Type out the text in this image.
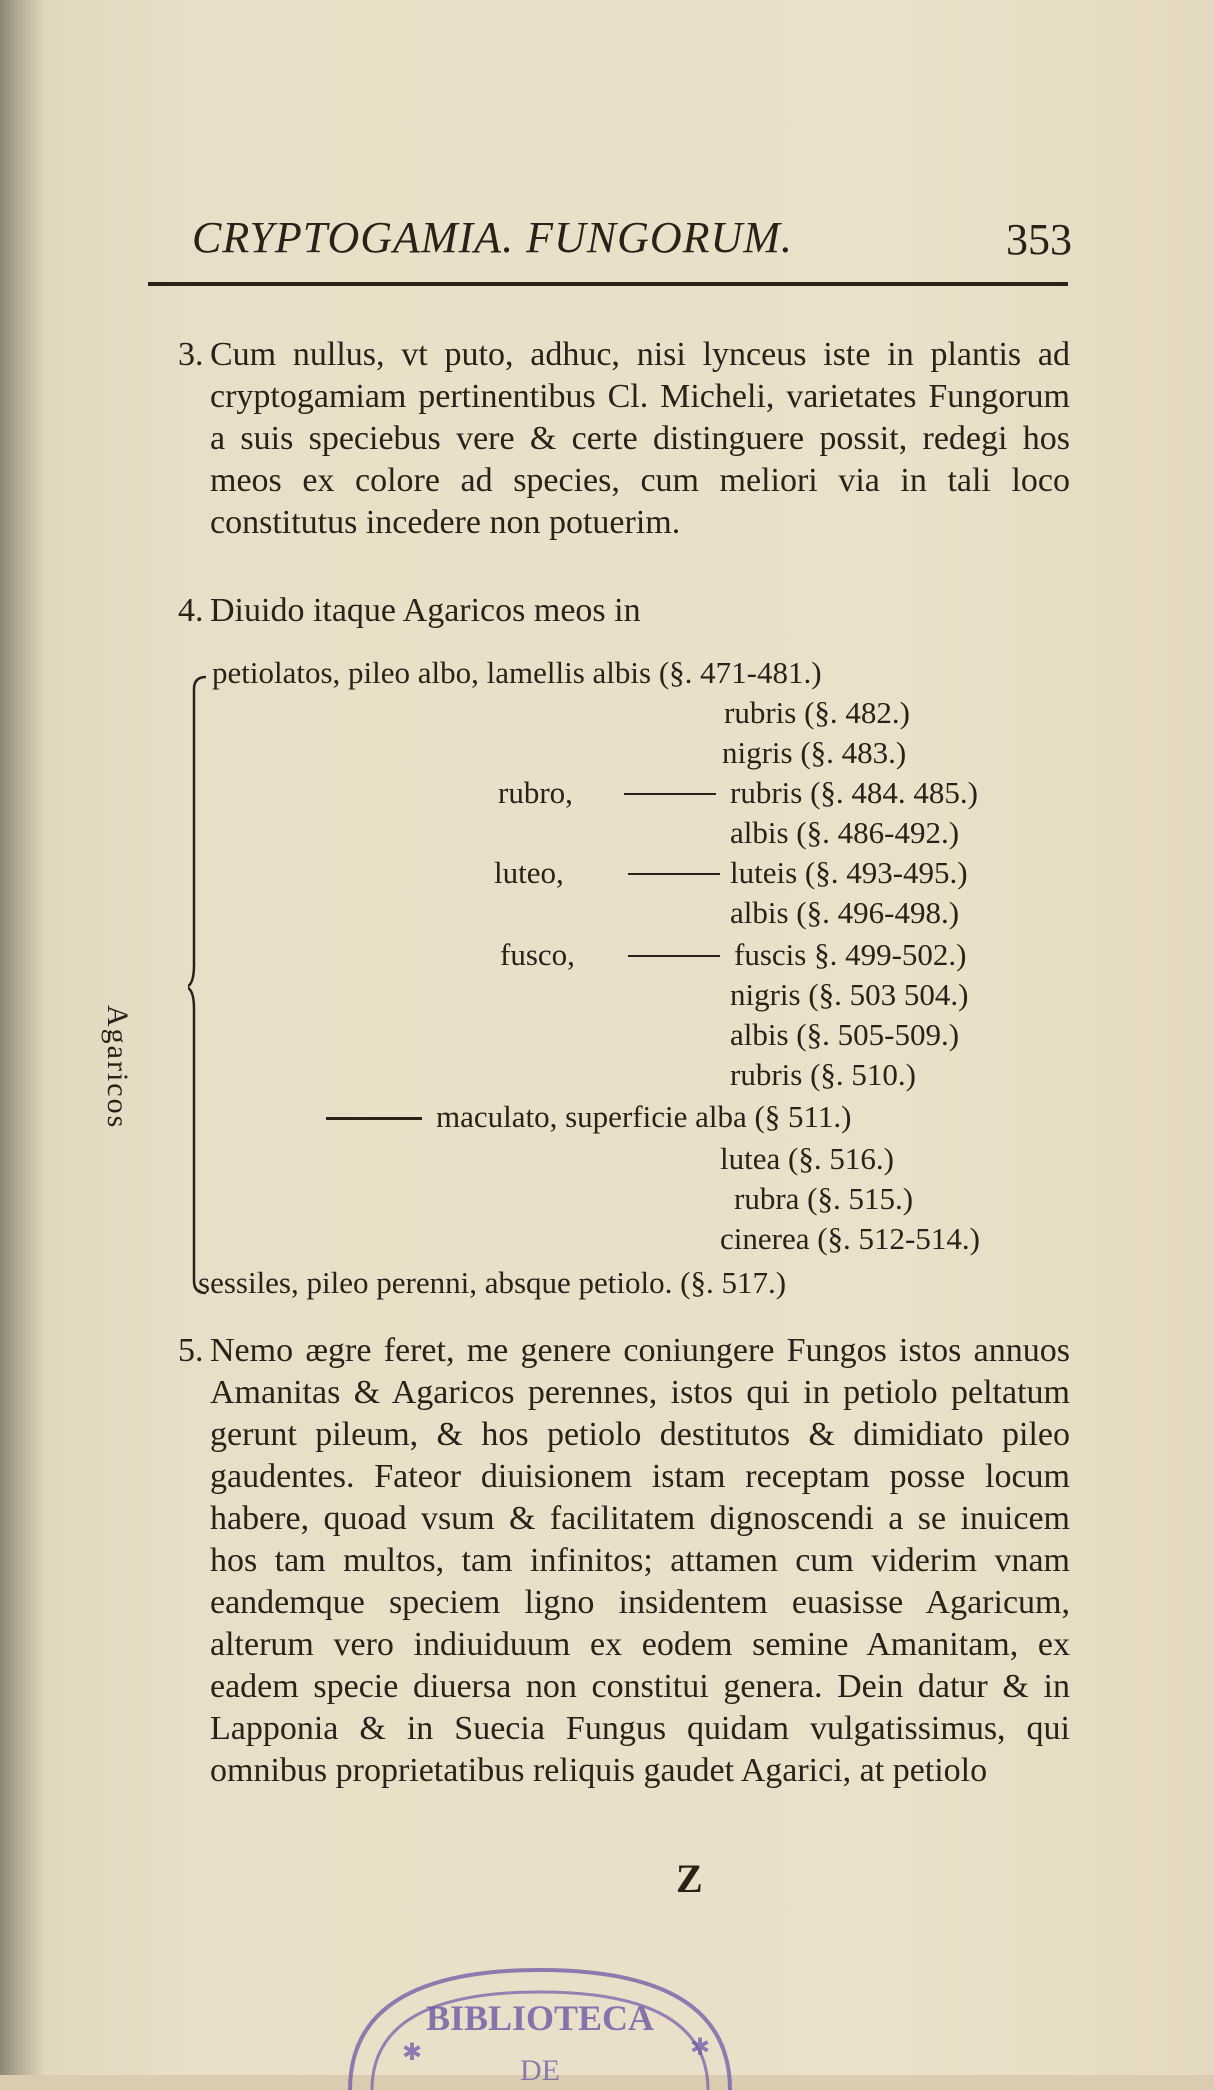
CRYPTOGAMIA. FUNGORUM.	353
3. Cum nullus, vt puto, adhuc, nisi lynceus iste in plantis ad cryptogamiam pertinentibus Cl. Micheli, varietates Fungorum a suis speciebus vere & certe distinguere possit, redegi hos meos ex colore ad species, cum meliori via in tali loco constitutus incedere non potuerim.
4. Diuido itaque Agaricos meos in
Agaricos
petiolatos, pileo albo, lamellis albis (§. 471-481.)
rubris (§. 482.)
nigris (§. 483.)
rubro,	rubris (§. 484. 485.)
albis (§. 486-492.)
luteo,	luteis (§. 493-495.)
albis (§. 496-498.)
fusco,	fuscis §. 499-502.)
nigris (§. 503 504.)
albis (§. 505-509.)
rubris (§. 510.)
maculato, superficie alba (§ 511.)
lutea (§. 516.)
rubra (§. 515.)
cinerea (§. 512-514.)
sessiles, pileo perenni, absque petiolo. (§. 517.)
5. Nemo ægre feret, me genere coniungere Fungos istos annuos Amanitas & Agaricos perennes, istos qui in petiolo peltatum gerunt pileum, & hos petiolo destitutos & dimidiato pileo gaudentes. Fateor diuisionem istam receptam posse locum habere, quoad vsum & facilitatem dignoscendi a se inuicem hos tam multos, tam infinitos; attamen cum viderim vnam eandemque speciem ligno insidentem euasisse Agaricum, alterum vero indiuiduum ex eodem semine Amanitam, ex eadem specie diuersa non constitui genera. Dein datur & in Lapponia & in Suecia Fungus quidam vulgatissimus, qui omnibus proprietatibus reliquis gaudet Agarici, at petiolo
Z
BIBLIOTECA
DE
✱	✱
